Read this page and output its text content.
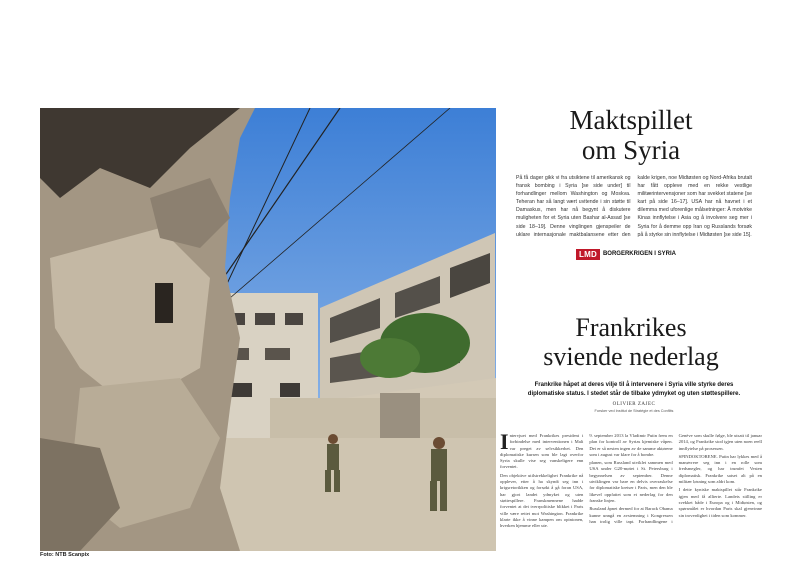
Foto: NTB Scanpix
Maktspillet
om Syria
På få dager gikk vi fra utsiktene til amerikansk og fransk bombing i Syria [se side under] til forhandlinger mellom Washington og Moskva. Teheran har så langt vært uvitende i sin støtte til Damaskus, men har nå begynt å diskutere muligheten for et Syria uten Bashar al-Assad [se side 18–19]. Denne vinglingen gjenspeiler de uklare internasjonale maktbalansene etter den kalde krigen, noe Midtøsten og Nord-Afrika brutalt har fått oppleve med en rekke vestlige militærintervensjoner som har svekket statene [se kart på side 16–17]. USA har nå havnet i et dilemma med uforenlige målsetninger: Å motvirke Kinas innflytelse i Asia og å involvere seg mer i Syria for å demme opp Iran og Russlands forsøk på å styrke sin innflytelse i Midtøsten [se side 15].
LMD	BORGERKRIGEN I SYRIA
Frankrikes
sviende nederlag
Frankrike håpet at deres vilje til å intervenere i Syria ville styrke deres diplomatiske status. I stedet står de tilbake ydmyket og uten støttespillere.
OLIVIER ZAJEC
Forsker ved Institut de Stratégie et des Conflits

Intervjuet med Frankrikes president i forbindelse med interventionen i Mali var preget av selvsikkerhet. Den diplomatiske kursen som ble lagt overfor Syria skulle vise seg vanskeligere enn forventet.

Den objektive utilstrekkelighet Frankrike nå opplever, etter å ha skyndt seg inn i krigsretorikken og forsøkt å gå foran USA, har gjort landet ydmyket og uten støttespillere. Franskmennene hadde forventet at det tverrpolitiske blikket i Paris ville være rettet mot Washington. Frankrike klarte ikke å vinne kampen om opinionen, hverken hjemme eller ute.

9. september 2013 la Vladimir Putin frem en plan for kontroll av Syrias kjemiske våpen. Det er så nesten ingen av de samme aktørene som i august var klare for å bombe.

planen, som Russland utviklet sammen med USA under G20-møtet i St. Petersburg i begynnelsen av september. Denne utviklingen var bare en delvis overraskelse for diplomatiske kretser i Paris, men den ble likevel oppfattet som et nederlag for den franske linjen.

Russland åpnet dermed for at Barack Obama kunne unngå en avstemning i Kongressen han trolig ville tapt. Forhandlingene i Genève som skulle følge, ble utsatt til januar 2014, og Frankrike stod igjen uten noen reell innflytelse på prosessen.

SPINDOKTORENE. Putin har lykkes med å manøvrere seg inn i en rolle som fredsmegler, og har trumfet Vesten diplomatisk. Frankrike satset alt på en militær løsning som aldri kom.

I dette kyniske maktspillet står Frankrike igjen med få allierte. Landets stilling er svekket både i Europa og i Midtøsten, og spørsmålet er hvordan Paris skal gjenvinne sin troverdighet i tiden som kommer.
